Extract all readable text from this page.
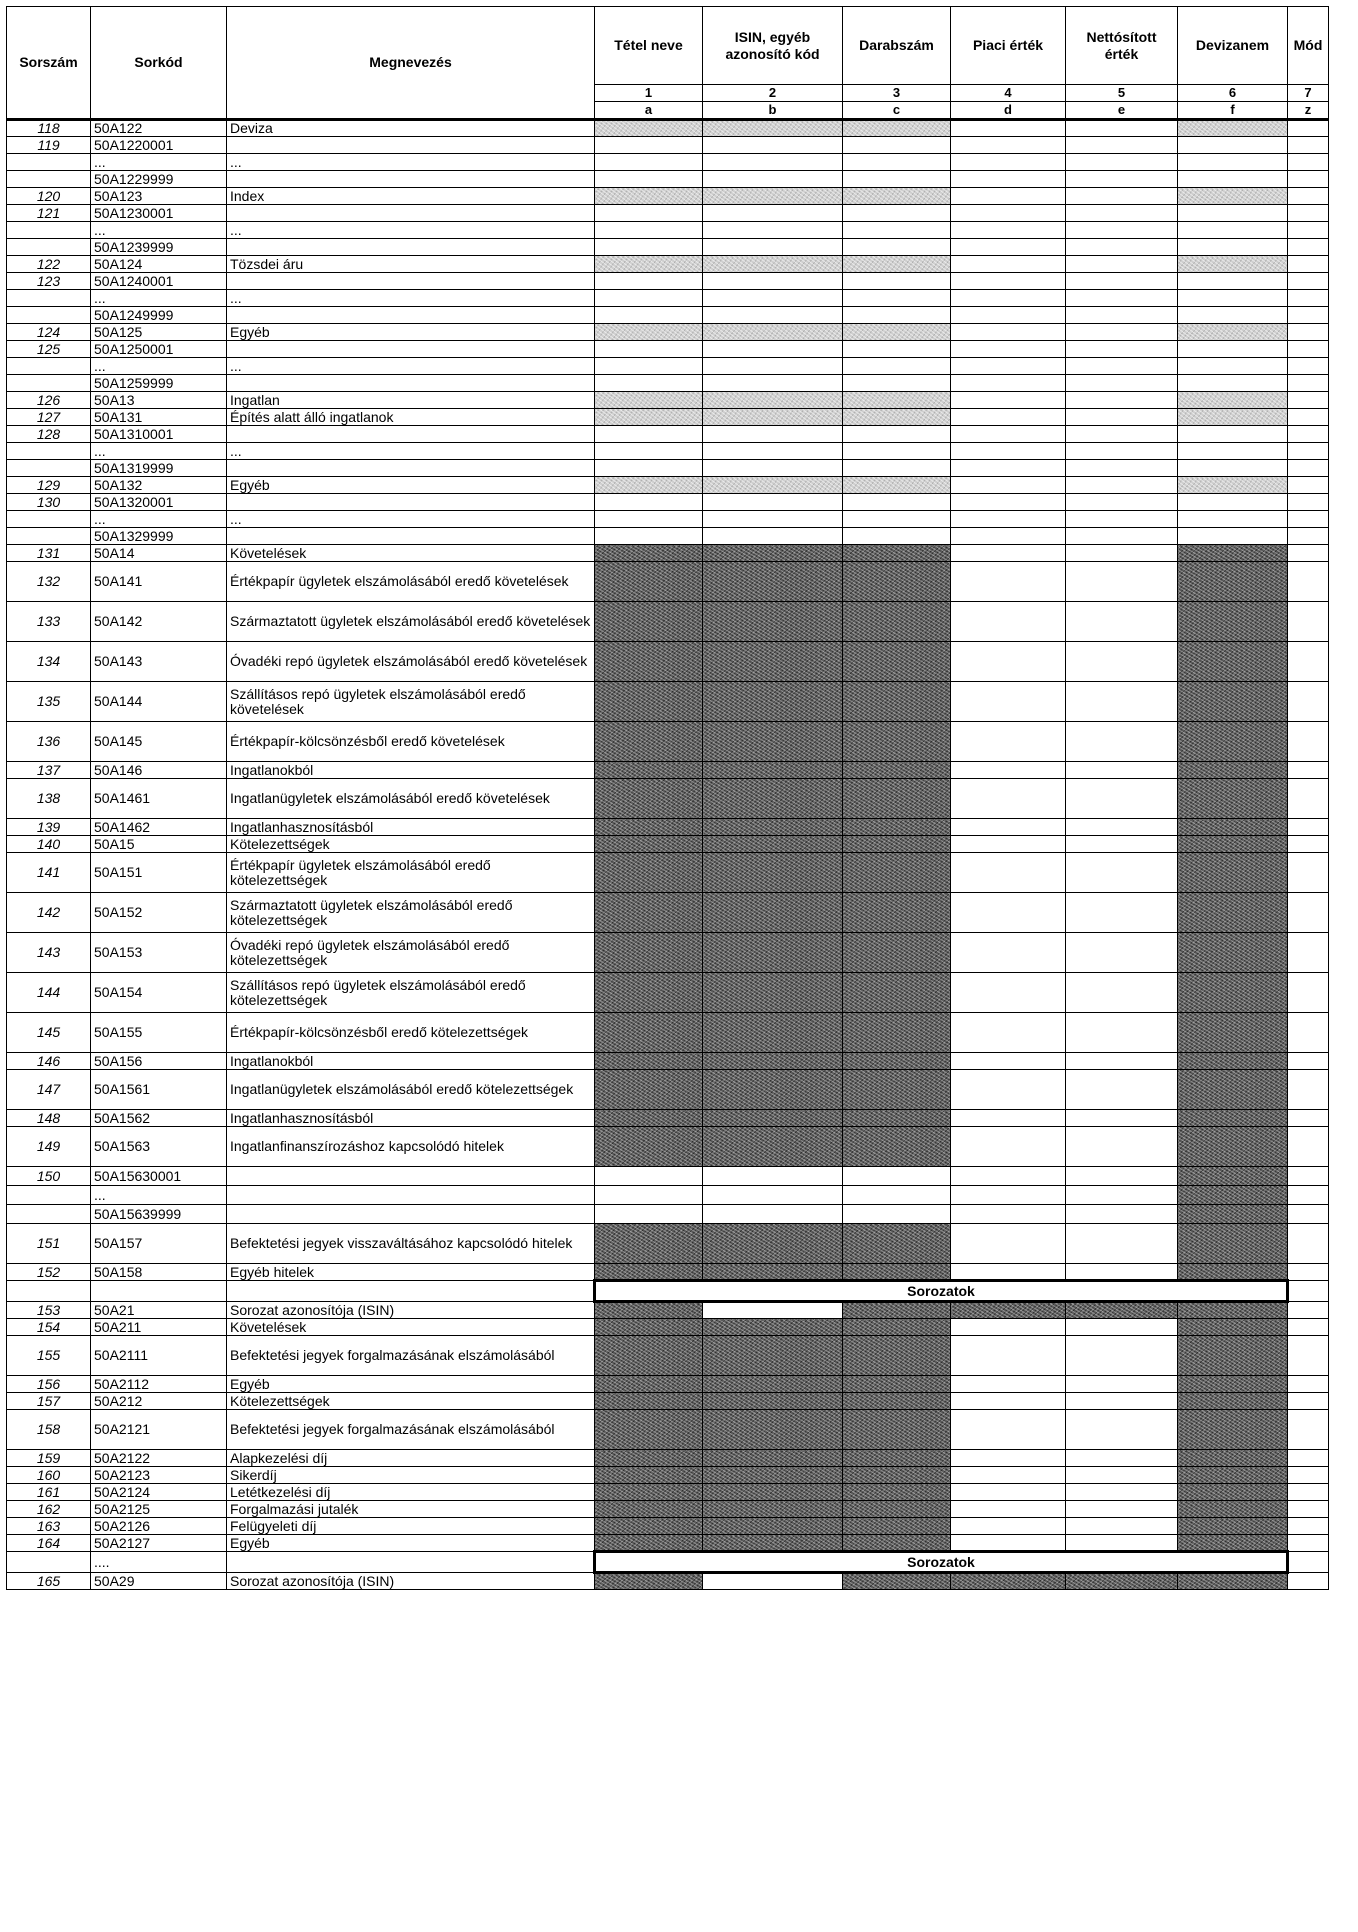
Sorszám	Sorkód	Megnevezés	Tétel neve	ISIN, egyéb azonosító kód	Darabszám	Piaci érték	Nettósított érték	Devizanem	Mód
			1	2	3	4	5	6	7
			a	b	c	d	e	f	z
118	50A122	Deviza							
119	50A1220001								
	...	...							
	50A1229999								
120	50A123	Index							
121	50A1230001								
	...	...							
	50A1239999								
122	50A124	Tözsdei áru							
123	50A1240001								
	...	...							
	50A1249999								
124	50A125	Egyéb							
125	50A1250001								
	...	...							
	50A1259999								
126	50A13	Ingatlan							
127	50A131	Építés alatt álló ingatlanok							
128	50A1310001								
	...	...							
	50A1319999								
129	50A132	Egyéb							
130	50A1320001								
	...	...							
	50A1329999								
131	50A14	Követelések							
132	50A141	Értékpapír ügyletek elszámolásából eredő követelések							
133	50A142	Származtatott ügyletek elszámolásából eredő követelések							
134	50A143	Óvadéki repó ügyletek elszámolásából eredő követelések							
135	50A144	Szállításos repó ügyletek elszámolásából eredő követelések							
136	50A145	Értékpapír-kölcsönzésből eredő követelések							
137	50A146	Ingatlanokból							
138	50A1461	Ingatlanügyletek elszámolásából eredő követelések							
139	50A1462	Ingatlanhasznosításból							
140	50A15	Kötelezettségek							
141	50A151	Értékpapír ügyletek elszámolásából eredő kötelezettségek							
142	50A152	Származtatott ügyletek elszámolásából eredő kötelezettségek							
143	50A153	Óvadéki repó ügyletek elszámolásából eredő kötelezettségek							
144	50A154	Szállításos repó ügyletek elszámolásából eredő kötelezettségek							
145	50A155	Értékpapír-kölcsönzésből eredő kötelezettségek							
146	50A156	Ingatlanokból							
147	50A1561	Ingatlanügyletek elszámolásából eredő kötelezettségek							
148	50A1562	Ingatlanhasznosításból							
149	50A1563	Ingatlanfinanszírozáshoz kapcsolódó hitelek							
150	50A15630001								
	...								
	50A15639999								
151	50A157	Befektetési jegyek visszaváltásához kapcsolódó hitelek							
152	50A158	Egyéb hitelek							
			Sorozatok						
153	50A21	Sorozat azonosítója (ISIN)							
154	50A211	Követelések							
155	50A2111	Befektetési jegyek forgalmazásának elszámolásából							
156	50A2112	Egyéb							
157	50A212	Kötelezettségek							
158	50A2121	Befektetési jegyek forgalmazásának elszámolásából							
159	50A2122	Alapkezelési díj							
160	50A2123	Sikerdíj							
161	50A2124	Letétkezelési díj							
162	50A2125	Forgalmazási jutalék							
163	50A2126	Felügyeleti díj							
164	50A2127	Egyéb							
	....		Sorozatok						
165	50A29	Sorozat azonosítója (ISIN)							
